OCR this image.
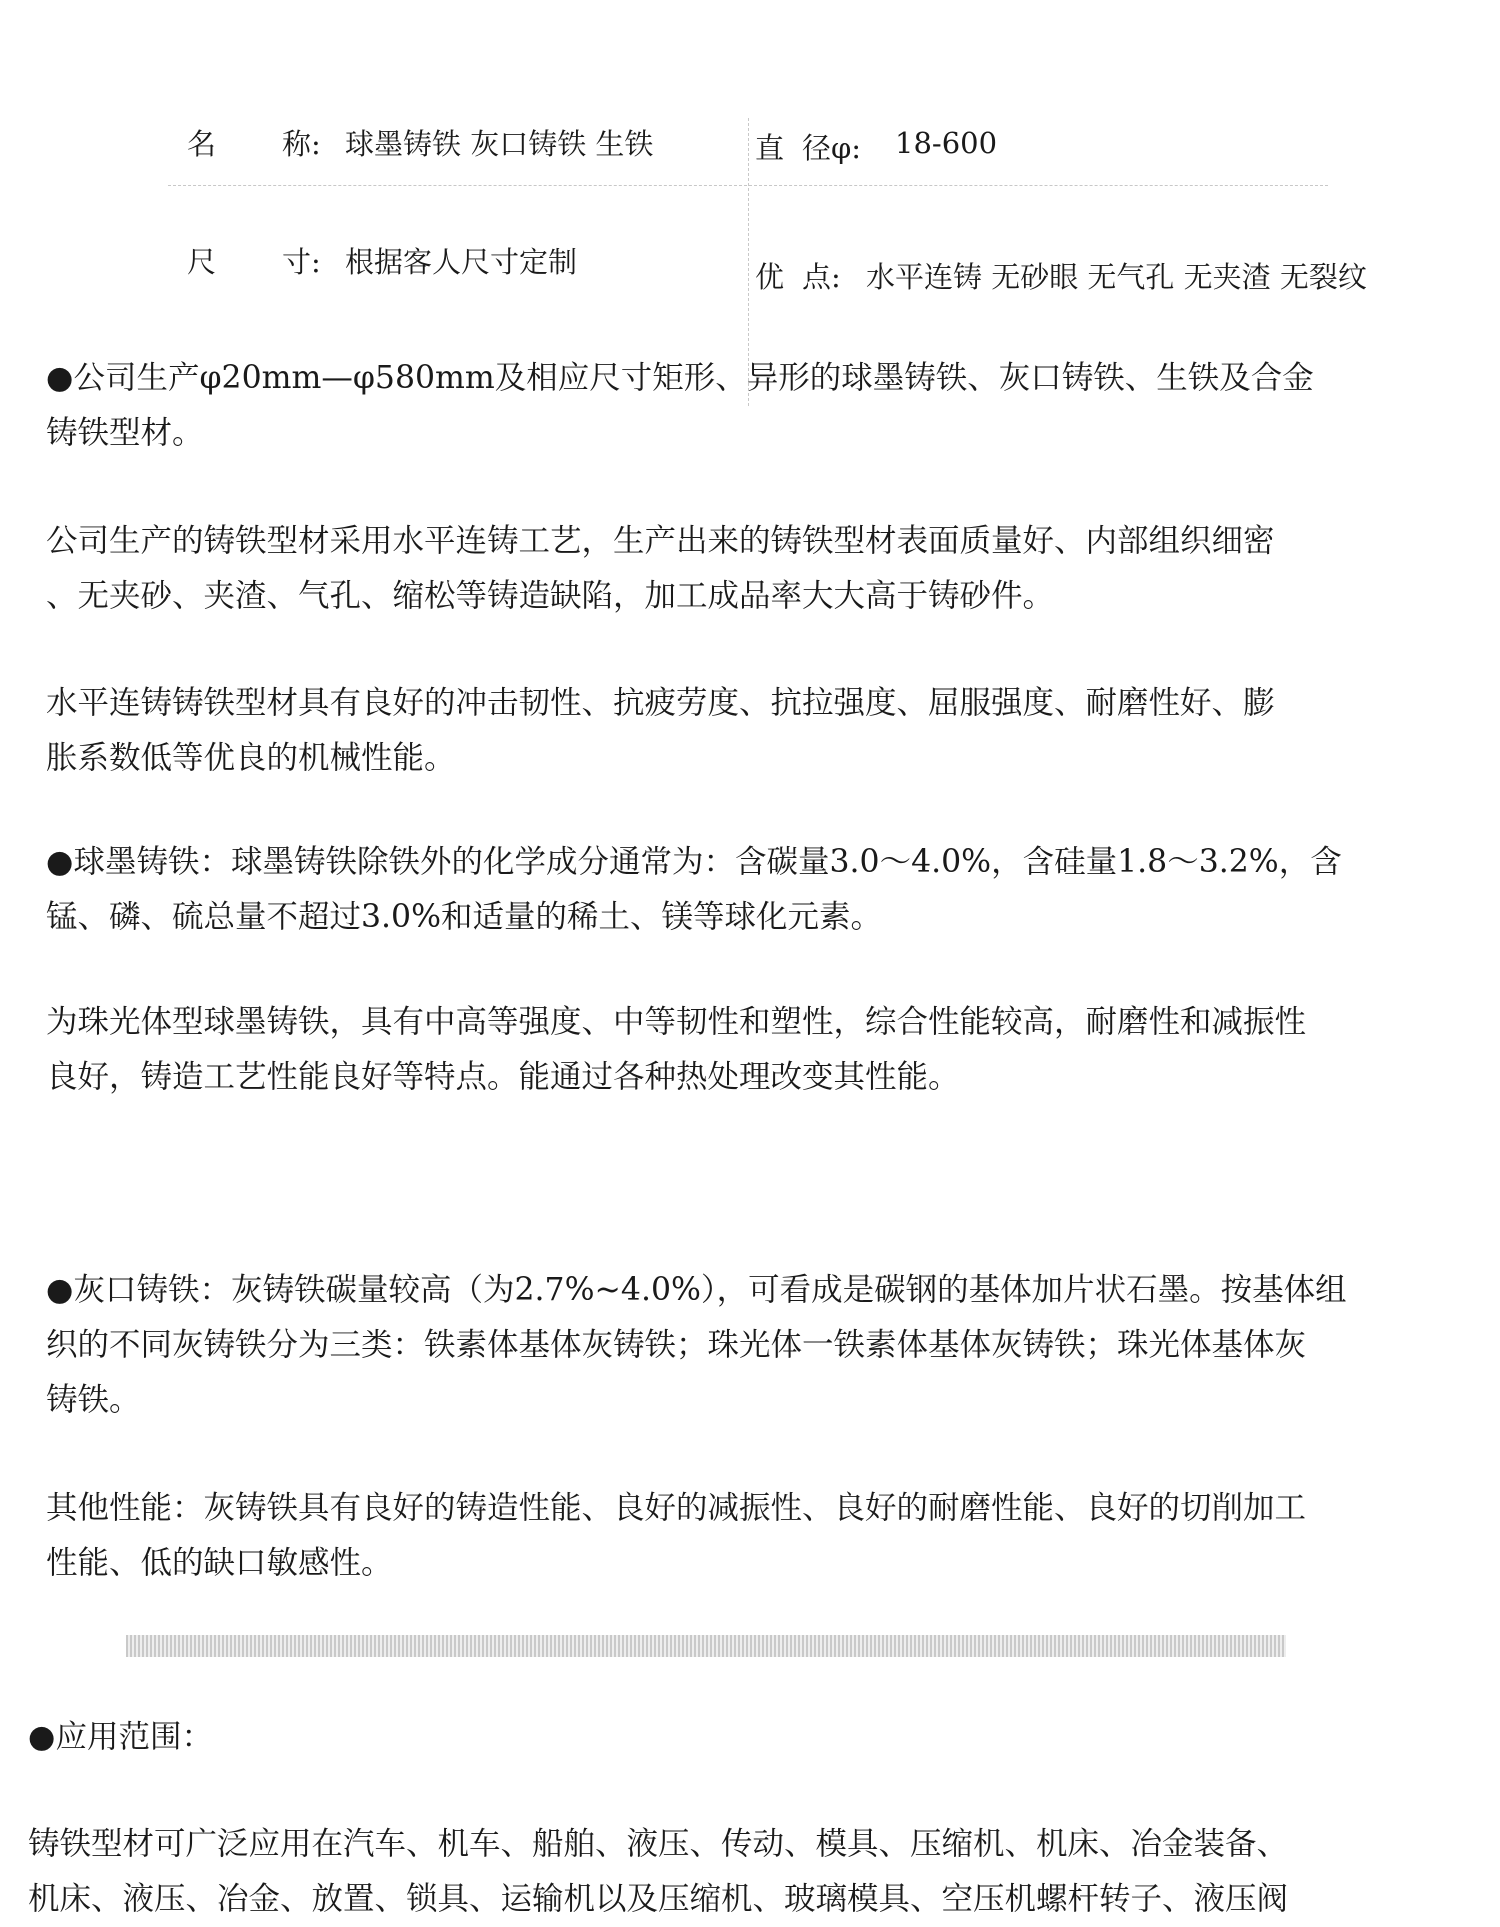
名 称: 球墨铸铁 灰口铸铁 生铁	直 径φ: 18-600
尺 寸: 根据客人尺寸定制	优 点: 水平连铸 无砂眼 无气孔 无夹渣 无裂纹
●公司生产φ20mm—φ580mm及相应尺寸矩形、异形的球墨铸铁、灰口铸铁、生铁及合金
铸铁型材。
公司生产的铸铁型材采用水平连铸工艺，生产出来的铸铁型材表面质量好、内部组织细密
、无夹砂、夹渣、气孔、缩松等铸造缺陷，加工成品率大大高于铸砂件。
水平连铸铸铁型材具有良好的冲击韧性、抗疲劳度、抗拉强度、屈服强度、耐磨性好、膨
胀系数低等优良的机械性能。
●球墨铸铁：球墨铸铁除铁外的化学成分通常为：含碳量3.0～4.0%，含硅量1.8～3.2%，含
锰、磷、硫总量不超过3.0%和适量的稀土、镁等球化元素。
为珠光体型球墨铸铁，具有中高等强度、中等韧性和塑性，综合性能较高，耐磨性和减振性
良好，铸造工艺性能良好等特点。能通过各种热处理改变其性能。
●灰口铸铁：灰铸铁碳量较高（为2.7%~4.0%），可看成是碳钢的基体加片状石墨。按基体组
织的不同灰铸铁分为三类：铁素体基体灰铸铁；珠光体一铁素体基体灰铸铁；珠光体基体灰
铸铁。
其他性能：灰铸铁具有良好的铸造性能、良好的减振性、良好的耐磨性能、良好的切削加工
性能、低的缺口敏感性。
●应用范围：
铸铁型材可广泛应用在汽车、机车、船舶、液压、传动、模具、压缩机、机床、冶金装备、
机床、液压、冶金、放置、锁具、运输机以及压缩机、玻璃模具、空压机螺杆转子、液压阀
